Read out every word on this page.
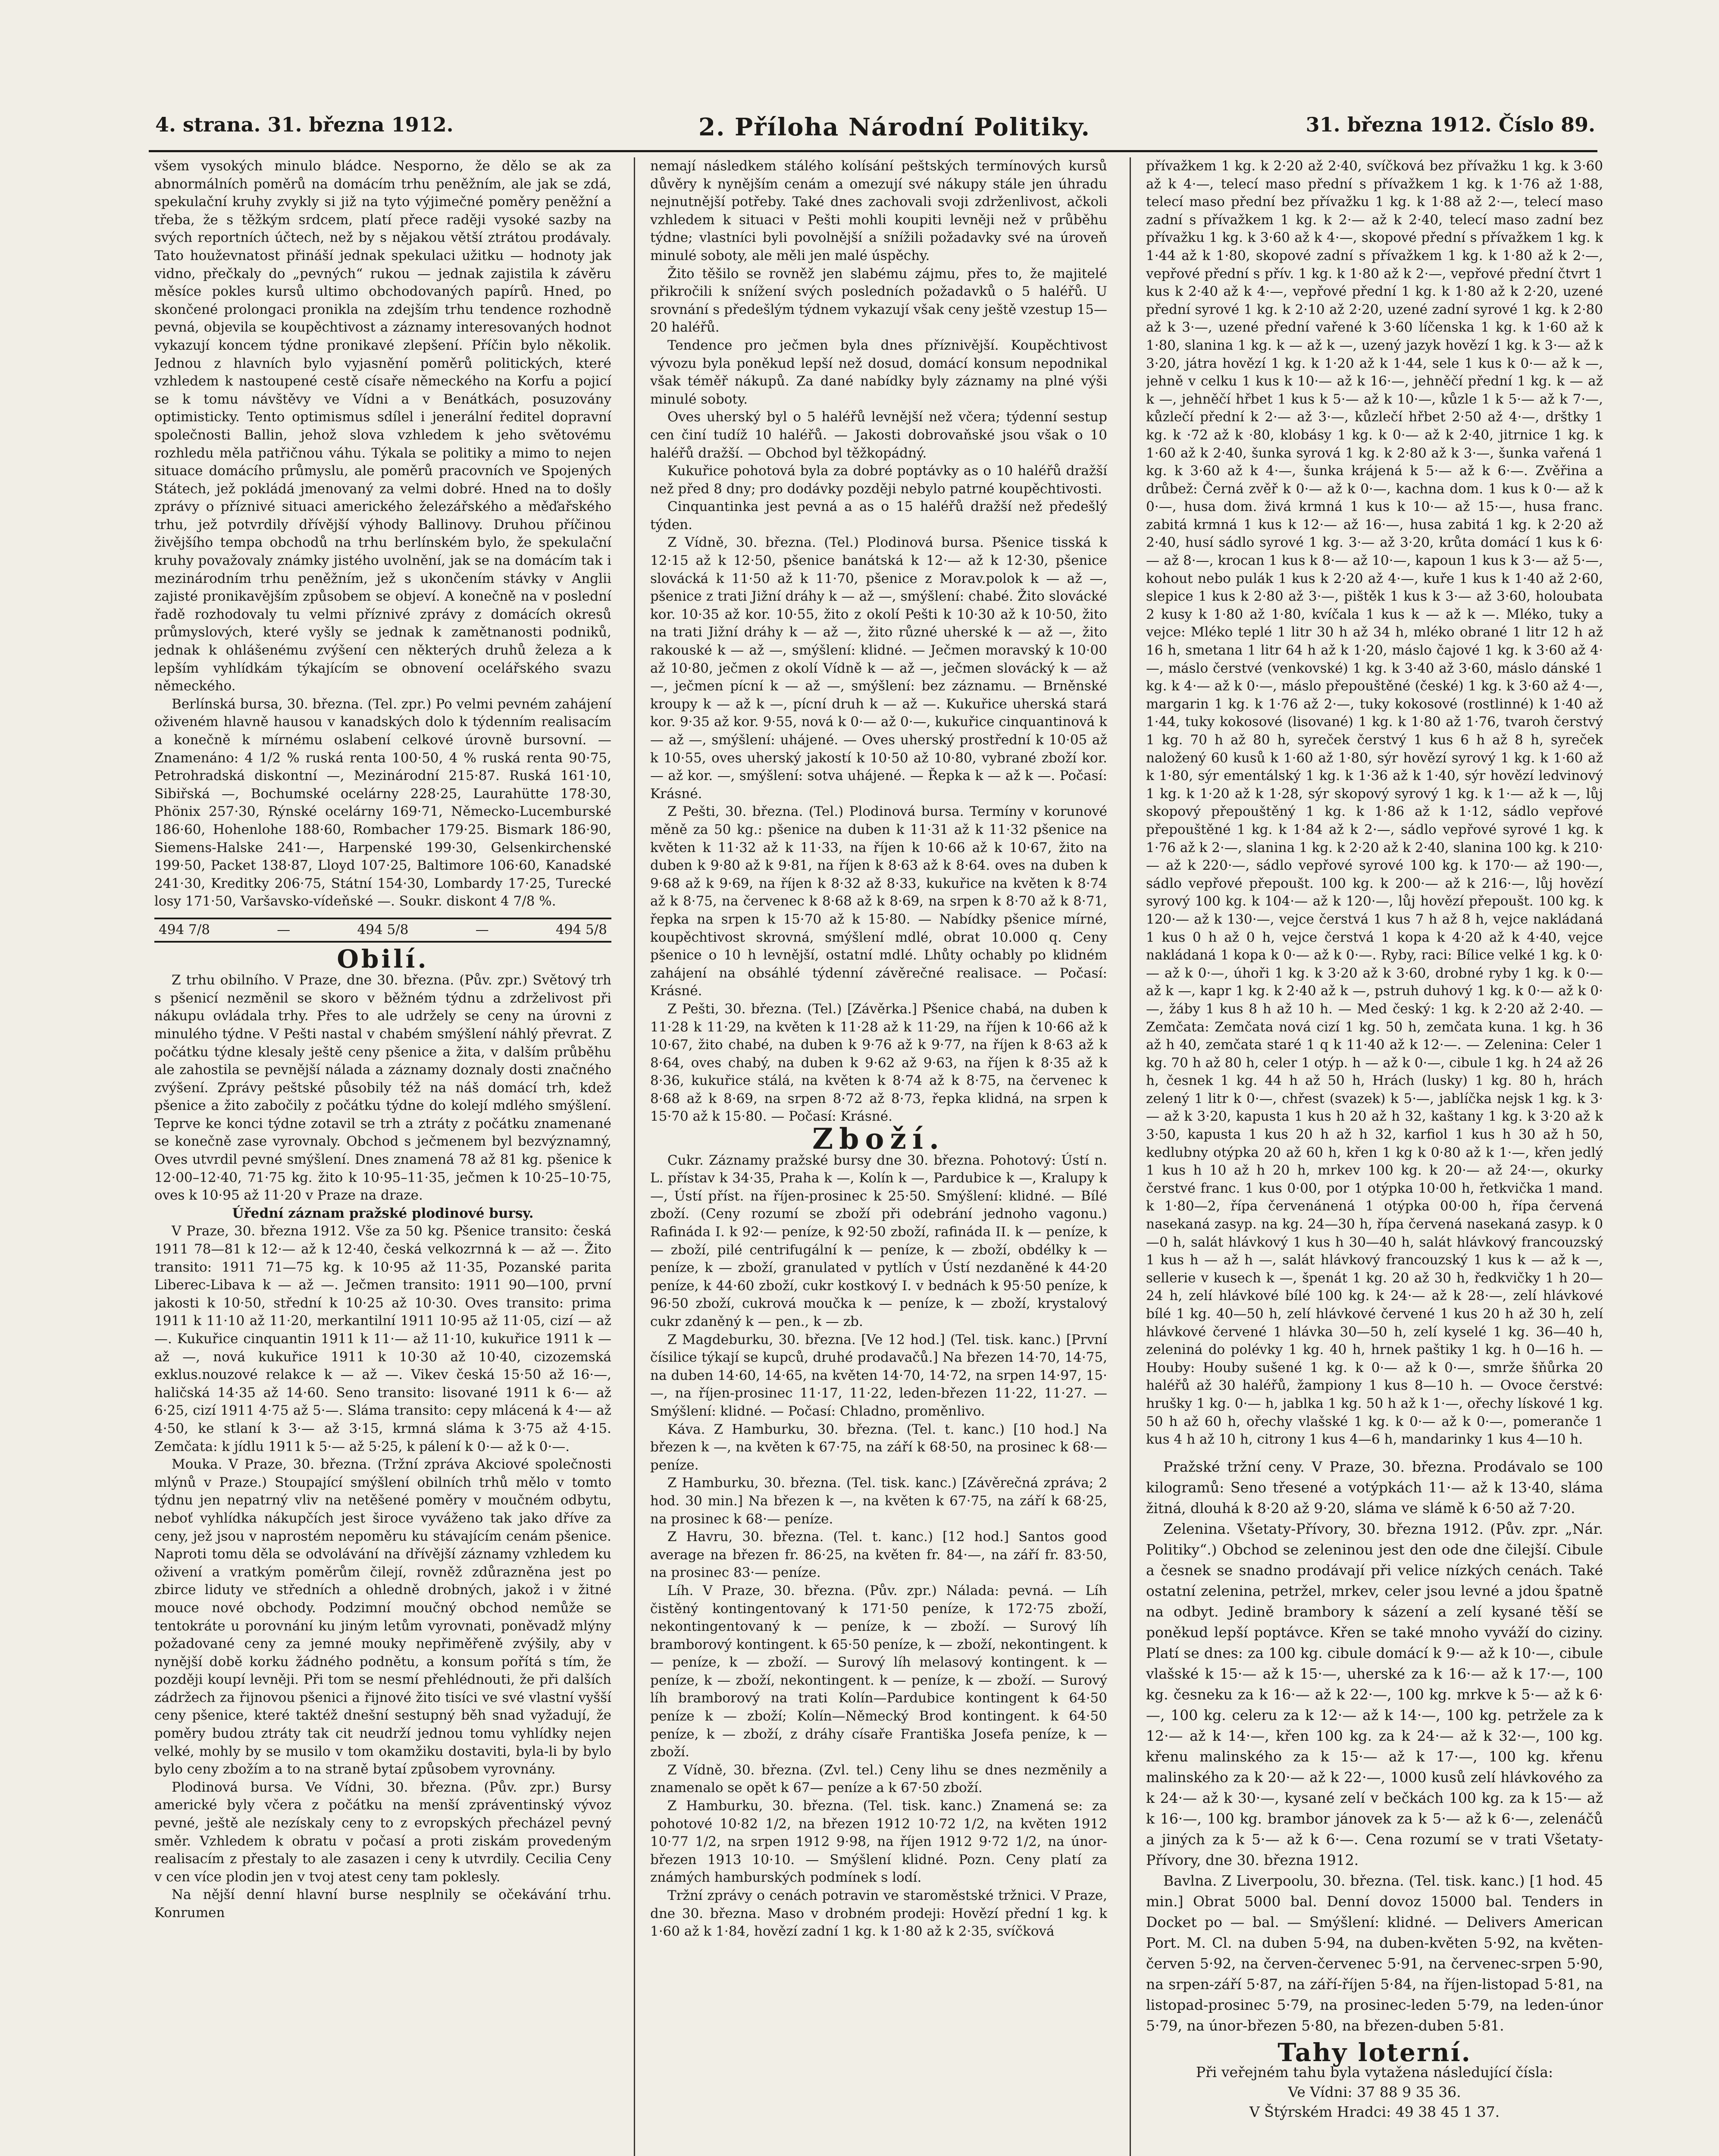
4. strana. 31. března 1912.	2. Příloha Národní Politiky.	31. března 1912. Číslo 89.

všem vysokých minulo bládce. Nesporno, že dělo se ak za abnormálních poměrů na domácím trhu peněžním, ale jak se zdá, spekulační kruhy zvykly si již na tyto výjimečné poměry peněžní a třeba, že s těžkým srdcem, platí přece raději vysoké sazby na svých reportních účtech, než by s nějakou větší ztrátou prodávaly. Tato houževnatost přináší jednak spekulaci užitku — hodnoty jak vidno, přečkaly do „pevných“ rukou — jednak zajistila k závěru měsíce pokles kursů ultimo obchodovaných papírů. Hned, po skončené prolongaci pronikla na zdejším trhu tendence rozhodně pevná, objevila se koupěchtivost a záznamy interesovaných hodnot vykazují koncem týdne pronikavé zlepšení. Příčin bylo několik. Jednou z hlavních bylo vyjasnění poměrů politických, které vzhledem k nastoupené cestě císaře německého na Korfu a pojicí se k tomu návštěvy ve Vídni a v Benátkách, posuzovány optimisticky. Tento optimismus sdílel i jenerální ředitel dopravní společnosti Ballin, jehož slova vzhledem k jeho světovému rozhledu měla patřičnou váhu. Týkala se politiky a mimo to nejen situace domácího průmyslu, ale poměrů pracovních ve Spojených Státech, jež pokládá jmenovaný za velmi dobré. Hned na to došly zprávy o příznivé situaci amerického železářského a měďařského trhu, jež potvrdily dřívější výhody Ballinovy. Druhou příčinou živějšího tempa obchodů na trhu berlínském bylo, že spekulační kruhy považovaly známky jistého uvolnění, jak se na domácím tak i mezinárodním trhu peněžním, jež s ukončením stávky v Anglii zajisté pronikavějším způsobem se objeví. A konečně na v poslední řadě rozhodovaly tu velmi příznivé zprávy z domácích okresů průmyslových, které vyšly se jednak k zamětnanosti podniků, jednak k ohlášenému zvýšení cen některých druhů železa a k lepším vyhlídkám týkajícím se obnovení ocelářského svazu německého.

Berlínská bursa, 30. března. (Tel. zpr.) Po velmi pevném zahájení oživeném hlavně hausou v kanadských dolo k týdenním realisacím a konečně k mírnému oslabení celkové úrovně bursovní. — Znamenáno: 4 1/2 % ruská renta 100·50, 4 % ruská renta 90·75, Petrohradská diskontní —, Mezinárodní 215·87. Ruská 161·10, Sibiřská —, Bochumské ocelárny 228·25, Laurahütte 178·30, Phönix 257·30, Rýnské ocelárny 169·71, Německo-Lucemburské 186·60, Hohenlohe 188·60, Rombacher 179·25. Bismark 186·90, Siemens-Halske 241·—, Harpenské 199·30, Gelsenkirchenské 199·50, Packet 138·87, Lloyd 107·25, Baltimore 106·60, Kanadské 241·30, Kreditky 206·75, Státní 154·30, Lombardy 17·25, Turecké losy 171·50, Varšavsko-vídeňské —. Soukr. diskont 4 7/8 %.

494 7/8	—	494 5/8	—	494 5/8
Obilí.

Z trhu obilního. V Praze, dne 30. března. (Pův. zpr.) Světový trh s pšenicí nezměnil se skoro v běžném týdnu a zdrželivost při nákupu ovládala trhy. Přes to ale udržely se ceny na úrovni z minulého týdne. V Pešti nastal v chabém smýšlení náhlý převrat. Z počátku týdne klesaly ještě ceny pšenice a žita, v dalším průběhu ale zahostila se pevnější nálada a záznamy doznaly dosti značného zvýšení. Zprávy peštské působily též na náš domácí trh, kdež pšenice a žito zabočily z počátku týdne do kolejí mdlého smýšlení. Teprve ke konci týdne zotavil se trh a ztráty z počátku znamenané se konečně zase vyrovnaly. Obchod s ječmenem byl bezvýznamný, Oves utvrdil pevné smýšlení. Dnes znamená 78 až 81 kg. pšenice k 12·00–12·40, 71·75 kg. žito k 10·95–11·35, ječmen k 10·25–10·75, oves k 10·95 až 11·20 v Praze na draze.

Úřední záznam pražské plodinové bursy.

V Praze, 30. března 1912. Vše za 50 kg. Pšenice transito: česká 1911 78—81 k 12·— až k 12·40, česká velkozrnná k — až —. Žito transito: 1911 71—75 kg. k 10·95 až 11·35, Pozanské parita Liberec-Libava k — až —. Ječmen transito: 1911 90—100, první jakosti k 10·50, střední k 10·25 až 10·30. Oves transito: prima 1911 k 11·10 až 11·20, merkantilní 1911 10·95 až 11·05, cizí — až —. Kukuřice cinquantin 1911 k 11·— až 11·10, kukuřice 1911 k — až —, nová kukuřice 1911 k 10·30 až 10·40, cizozemská exklus.nouzové relakce k — až —. Vikev česká 15·50 až 16·—, haličská 14·35 až 14·60. Seno transito: lisované 1911 k 6·— až 6·25, cizí 1911 4·75 až 5·—. Sláma transito: cepy mlácená k 4·— až 4·50, ke stlaní k 3·— až 3·15, krmná sláma k 3·75 až 4·15. Zemčata: k jídlu 1911 k 5·— až 5·25, k pálení k 0·— až k 0·—.

Mouka. V Praze, 30. března. (Tržní zpráva Akciové společnosti mlýnů v Praze.) Stoupající smýšlení obilních trhů mělo v tomto týdnu jen nepatrný vliv na netěšené poměry v moučném odbytu, neboť vyhlídka nákupčích jest široce vyváženo tak jako dříve za ceny, jež jsou v naprostém nepoměru ku stávajícím cenám pšenice. Naproti tomu děla se odvolávání na dřívější záznamy vzhledem ku oživení a vratkým poměrům čilejí, rovněž zdůrazněna jest po zbirce liduty ve středních a ohledně drobných, jakož i v žitné mouce nové obchody. Podzimní moučný obchod nemůže se tentokráte u porovnání ku jiným letům vyrovnati, poněvadž mlýny požadované ceny za jemné mouky nepřiměřeně zvýšily, aby v nynější době korku žádného podnětu, a konsum pořítá s tím, že později koupí levněji. Při tom se nesmí přehlédnouti, že při dalších zádržech za řijnovou pšenici a řijnové žito tisíci ve své vlastní vyšší ceny pšenice, které taktéž dnešní sestupný běh snad vyžadují, že poměry budou ztráty tak cit neudrží jednou tomu vyhlídky nejen velké, mohly by se musilo v tom okamžiku dostaviti, byla-li by bylo bylo ceny zbožím a to na straně bytaí způsobem vyrovnány.

Plodinová bursa. Ve Vídni, 30. března. (Pův. zpr.) Bursy americké byly včera z počátku na menší zpráventinský vývoz pevné, ještě ale nezískaly ceny to z evropských přecházel pevný směr. Vzhledem k obratu v počasí a proti ziskám provedeným realisacím z přestaly to ale zasazen i ceny k utvrdily. Cecilia Ceny v cen více plodin jen v tvoj atest ceny tam poklesly.

Na nější denní hlavní burse nesplnily se očekávání trhu. Konrumen

nemají následkem stálého kolísání peštských termínových kursů důvěry k nynějším cenám a omezují své nákupy stále jen úhradu nejnutnější potřeby. Také dnes zachovali svoji zdrženlivost, ačkoli vzhledem k situaci v Pešti mohli koupiti levněji než v průběhu týdne; vlastníci byli povolnější a snížili požadavky své na úroveň minulé soboty, ale měli jen malé úspěchy.

Žito těšilo se rovněž jen slabému zájmu, přes to, že majitelé přikročili k snížení svých posledních požadavků o 5 haléřů. U srovnání s předešlým týdnem vykazují však ceny ještě vzestup 15—20 haléřů.

Tendence pro ječmen byla dnes příznivější. Koupěchtivost vývozu byla poněkud lepší než dosud, domácí konsum nepodnikal však téměř nákupů. Za dané nabídky byly záznamy na plné výši minulé soboty.

Oves uherský byl o 5 haléřů levnější než včera; týdenní sestup cen činí tudíž 10 haléřů. — Jakosti dobrovaňské jsou však o 10 haléřů dražší. — Obchod byl těžkopádný.

Kukuřice pohotová byla za dobré poptávky as o 10 haléřů dražší než před 8 dny; pro dodávky později nebylo patrné koupěchtivosti.

Cinquantinka jest pevná a as o 15 haléřů dražší než předešlý týden.

Z Vídně, 30. března. (Tel.) Plodinová bursa. Pšenice tisská k 12·15 až k 12·50, pšenice banátská k 12·— až k 12·30, pšenice slovácká k 11·50 až k 11·70, pšenice z Morav.polok k — až —, pšenice z trati Jižní dráhy k — až —, smýšlení: chabé. Žito slovácké kor. 10·35 až kor. 10·55, žito z okolí Pešti k 10·30 až k 10·50, žito na trati Jižní dráhy k — až —, žito různé uherské k — až —, žito rakouské k — až —, smýšlení: klidné. — Ječmen moravský k 10·00 až 10·80, ječmen z okolí Vídně k — až —, ječmen slovácký k — až —, ječmen pícní k — až —, smýšlení: bez záznamu. — Brněnské kroupy k — až k —, pícní druh k — až —. Kukuřice uherská stará kor. 9·35 až kor. 9·55, nová k 0·— až 0·—, kukuřice cinquantinová k — až —, smýšlení: uhájené. — Oves uherský prostřední k 10·05 až k 10·55, oves uherský jakostí k 10·50 až 10·80, vybrané zboží kor. — až kor. —, smýšlení: sotva uhájené. — Řepka k — až k —. Počasí: Krásné.

Z Pešti, 30. března. (Tel.) Plodinová bursa. Termíny v korunové měně za 50 kg.: pšenice na duben k 11·31 až k 11·32 pšenice na květen k 11·32 až k 11·33, na říjen k 10·66 až k 10·67, žito na duben k 9·80 až k 9·81, na říjen k 8·63 až k 8·64. oves na duben k 9·68 až k 9·69, na říjen k 8·32 až 8·33, kukuřice na květen k 8·74 až k 8·75, na červenec k 8·68 až k 8·69, na srpen k 8·70 až k 8·71, řepka na srpen k 15·70 až k 15·80. — Nabídky pšenice mírné, koupěchtivost skrovná, smýšlení mdlé, obrat 10.000 q. Ceny pšenice o 10 h levnější, ostatní mdlé. Lhůty ochably po klidném zahájení na obsáhlé týdenní závěrečné realisace. — Počasí: Krásné.

Z Pešti, 30. března. (Tel.) [Závěrka.] Pšenice chabá, na duben k 11·28 k 11·29, na květen k 11·28 až k 11·29, na říjen k 10·66 až k 10·67, žito chabé, na duben k 9·76 až k 9·77, na říjen k 8·63 až k 8·64, oves chabý, na duben k 9·62 až 9·63, na říjen k 8·35 až k 8·36, kukuřice stálá, na květen k 8·74 až k 8·75, na červenec k 8·68 až k 8·69, na srpen 8·72 až 8·73, řepka klidná, na srpen k 15·70 až k 15·80. — Počasí: Krásné.

Zboží.

Cukr. Záznamy pražské bursy dne 30. března. Pohotový: Ústí n. L. přístav k 34·35, Praha k —, Kolín k —, Pardubice k —, Kralupy k —, Ústí příst. na říjen-prosinec k 25·50. Smýšlení: klidné. — Bílé zboží. (Ceny rozumí se zboží při odebrání jednoho vagonu.) Rafináda I. k 92·— peníze, k 92·50 zboží, rafináda II. k — peníze, k — zboží, pilé centrifugální k — peníze, k — zboží, obdélky k — peníze, k — zboží, granulated v pytlích v Ústí nezdaněné k 44·20 peníze, k 44·60 zboží, cukr kostkový I. v bednách k 95·50 peníze, k 96·50 zboží, cukrová moučka k — peníze, k — zboží, krystalový cukr zdaněný k — pen., k — zb.

Z Magdeburku, 30. března. [Ve 12 hod.] (Tel. tisk. kanc.) [První čísilice týkají se kupců, druhé prodavačů.] Na březen 14·70, 14·75, na duben 14·60, 14·65, na květen 14·70, 14·72, na srpen 14·97, 15·—, na říjen-prosinec 11·17, 11·22, leden-březen 11·22, 11·27. — Smýšlení: klidné. — Počasí: Chladno, proměnlivo.

Káva. Z Hamburku, 30. března. (Tel. t. kanc.) [10 hod.] Na březen k —, na květen k 67·75, na září k 68·50, na prosinec k 68·— peníze.

Z Hamburku, 30. března. (Tel. tisk. kanc.) [Závěrečná zpráva; 2 hod. 30 min.] Na březen k —, na květen k 67·75, na září k 68·25, na prosinec k 68·— peníze.

Z Havru, 30. března. (Tel. t. kanc.) [12 hod.] Santos good average na březen fr. 86·25, na květen fr. 84·—, na září fr. 83·50, na prosinec 83·— peníze.

Líh. V Praze, 30. března. (Pův. zpr.) Nálada: pevná. — Líh čistěný kontingentovaný k 171·50 peníze, k 172·75 zboží, nekontingentovaný k — peníze, k — zboží. — Surový líh bramborový kontingent. k 65·50 peníze, k — zboží, nekontingent. k — peníze, k — zboží. — Surový líh melasový kontingent. k — peníze, k — zboží, nekontingent. k — peníze, k — zboží. — Surový líh bramborový na trati Kolín—Pardubice kontingent k 64·50 peníze k — zboží; Kolín—Německý Brod kontingent. k 64·50 peníze, k — zboží, z dráhy císaře Františka Josefa peníze, k — zboží.

Z Vídně, 30. března. (Zvl. tel.) Ceny lihu se dnes nezměnily a znamenalo se opět k 67— peníze a k 67·50 zboží.

Z Hamburku, 30. března. (Tel. tisk. kanc.) Znamená se: za pohotové 10·82 1/2, na březen 1912 10·72 1/2, na květen 1912 10·77 1/2, na srpen 1912 9·98, na říjen 1912 9·72 1/2, na únor-březen 1913 10·10. — Smýšlení klidné. Pozn. Ceny platí za známých hamburských podmínek s lodí.

Tržní zprávy o cenách potravin ve staroměstské tržnici. V Praze, dne 30. března. Maso v drobném prodeji: Hovězí přední 1 kg. k 1·60 až k 1·84, hovězí zadní 1 kg. k 1·80 až k 2·35, svíčková

přívažkem 1 kg. k 2·20 až 2·40, svíčková bez přívažku 1 kg. k 3·60 až k 4·—, telecí maso přední s přívažkem 1 kg. k 1·76 až 1·88, telecí maso přední bez přívažku 1 kg. k 1·88 až 2·—, telecí maso zadní s přívažkem 1 kg. k 2·— až k 2·40, telecí maso zadní bez přívažku 1 kg. k 3·60 až k 4·—, skopové přední s přívažkem 1 kg. k 1·44 až k 1·80, skopové zadní s přívažkem 1 kg. k 1·80 až k 2·—, vepřové přední s přív. 1 kg. k 1·80 až k 2·—, vepřové přední čtvrt 1 kus k 2·40 až k 4·—, vepřové přední 1 kg. k 1·80 až k 2·20, uzené přední syrové 1 kg. k 2·10 až 2·20, uzené zadní syrové 1 kg. k 2·80 až k 3·—, uzené přední vařené k 3·60 líčenska 1 kg. k 1·60 až k 1·80, slanina 1 kg. k — až k —, uzený jazyk hovězí 1 kg. k 3·— až k 3·20, játra hovězí 1 kg. k 1·20 až k 1·44, sele 1 kus k 0·— až k —, jehně v celku 1 kus k 10·— až k 16·—, jehněčí přední 1 kg. k — až k —, jehněčí hřbet 1 kus k 5·— až k 10·—, kůzle 1 k 5·— až k 7·—, kůzlečí přední k 2·— až 3·—, kůzlečí hřbet 2·50 až 4·—, drštky 1 kg. k ·72 až k ·80, klobásy 1 kg. k 0·— až k 2·40, jitrnice 1 kg. k 1·60 až k 2·40, šunka syrová 1 kg. k 2·80 až k 3·—, šunka vařená 1 kg. k 3·60 až k 4·—, šunka krájená k 5·— až k 6·—. Zvěřina a drůbež: Černá zvěř k 0·— až k 0·—, kachna dom. 1 kus k 0·— až k 0·—, husa dom. živá krmná 1 kus k 10·— až 15·—, husa franc. zabitá krmná 1 kus k 12·— až 16·—, husa zabitá 1 kg. k 2·20 až 2·40, husí sádlo syrové 1 kg. 3·— až 3·20, krůta domácí 1 kus k 6·— až 8·—, krocan 1 kus k 8·— až 10·—, kapoun 1 kus k 3·— až 5·—, kohout nebo pulák 1 kus k 2·20 až 4·—, kuře 1 kus k 1·40 až 2·60, slepice 1 kus k 2·80 až 3·—, pištěk 1 kus k 3·— až 3·60, holoubata 2 kusy k 1·80 až 1·80, kvíčala 1 kus k — až k —. Mléko, tuky a vejce: Mléko teplé 1 litr 30 h až 34 h, mléko obrané 1 litr 12 h až 16 h, smetana 1 litr 64 h až k 1·20, máslo čajové 1 kg. k 3·60 až 4·—, máslo čerstvé (venkovské) 1 kg. k 3·40 až 3·60, máslo dánské 1 kg. k 4·— až k 0·—, máslo přepouštěné (české) 1 kg. k 3·60 až 4·—, margarin 1 kg. k 1·76 až 2·—, tuky kokosové (rostlinné) k 1·40 až 1·44, tuky kokosové (lisované) 1 kg. k 1·80 až 1·76, tvaroh čerstvý 1 kg. 70 h až 80 h, syreček čerstvý 1 kus 6 h až 8 h, syreček naložený 60 kusů k 1·60 až 1·80, sýr hovězí syrový 1 kg. k 1·60 až k 1·80, sýr ementálský 1 kg. k 1·36 až k 1·40, sýr hovězí ledvinový 1 kg. k 1·20 až k 1·28, sýr skopový syrový 1 kg. k 1·— až k —, lůj skopový přepouštěný 1 kg. k 1·86 až k 1·12, sádlo vepřové přepouštěné 1 kg. k 1·84 až k 2·—, sádlo vepřové syrové 1 kg. k 1·76 až k 2·—, slanina 1 kg. k 2·20 až k 2·40, slanina 100 kg. k 210·— až k 220·—, sádlo vepřové syrové 100 kg. k 170·— až 190·—, sádlo vepřové přepoušt. 100 kg. k 200·— až k 216·—, lůj hovězí syrový 100 kg. k 104·— až k 120·—, lůj hovězí přepoušt. 100 kg. k 120·— až k 130·—, vejce čerstvá 1 kus 7 h až 8 h, vejce nakládaná 1 kus 0 h až 0 h, vejce čerstvá 1 kopa k 4·20 až k 4·40, vejce nakládaná 1 kopa k 0·— až k 0·—. Ryby, raci: Bílice velké 1 kg. k 0·— až k 0·—, úhoři 1 kg. k 3·20 až k 3·60, drobné ryby 1 kg. k 0·— až k —, kapr 1 kg. k 2·40 až k —, pstruh duhový 1 kg. k 0·— až k 0·—, žáby 1 kus 8 h až 10 h. — Med český: 1 kg. k 2·20 až 2·40. — Zemčata: Zemčata nová cizí 1 kg. 50 h, zemčata kuna. 1 kg. h 36 až h 40, zemčata staré 1 q k 11·40 až k 12·—. — Zelenina: Celer 1 kg. 70 h až 80 h, celer 1 otýp. h — až k 0·—, cibule 1 kg. h 24 až 26 h, česnek 1 kg. 44 h až 50 h, Hrách (lusky) 1 kg. 80 h, hrách zelený 1 litr k 0·—, chřest (svazek) k 5·—, jablíčka nejsk 1 kg. k 3·— až k 3·20, kapusta 1 kus h 20 až h 32, kaštany 1 kg. k 3·20 až k 3·50, kapusta 1 kus 20 h až h 32, karfiol 1 kus h 30 až h 50, kedlubny otýpka 20 až 60 h, křen 1 kg k 0·80 až k 1·—, křen jedlý 1 kus h 10 až h 20 h, mrkev 100 kg. k 20·— až 24·—, okurky čerstvé franc. 1 kus 0·00, por 1 otýpka 10·00 h, řetkvička 1 mand. k 1·80—2, řípa červenánená 1 otýpka 00·00 h, řípa červená nasekaná zasyp. na kg. 24—30 h, řípa červená nasekaná zasyp. k 0—0 h, salát hlávkový 1 kus h 30—40 h, salát hlávkový francouzský 1 kus h — až h —, salát hlávkový francouzský 1 kus k — až k —, sellerie v kusech k —, špenát 1 kg. 20 až 30 h, ředkvičky 1 h 20—24 h, zelí hlávkové bílé 100 kg. k 24·— až k 28·—, zelí hlávkové bílé 1 kg. 40—50 h, zelí hlávkové červené 1 kus 20 h až 30 h, zelí hlávkové červené 1 hlávka 30—50 h, zelí kyselé 1 kg. 36—40 h, zeleniná do polévky 1 kg. 40 h, hrnek paštiky 1 kg. h 0—16 h. — Houby: Houby sušené 1 kg. k 0·— až k 0·—, smrže šňůrka 20 haléřů až 30 haléřů, žampiony 1 kus 8—10 h. — Ovoce čerstvé: hrušky 1 kg. 0·— h, jablka 1 kg. 50 h až k 1·—, ořechy lískové 1 kg. 50 h až 60 h, ořechy vlašské 1 kg. k 0·— až k 0·—, pomeranče 1 kus 4 h až 10 h, citrony 1 kus 4—6 h, mandarinky 1 kus 4—10 h.

Pražské tržní ceny. V Praze, 30. března. Prodávalo se 100 kilogramů: Seno třesené a votýpkách 11·— až k 13·40, sláma žitná, dlouhá k 8·20 až 9·20, sláma ve slámě k 6·50 až 7·20.

Zelenina. Všetaty-Přívory, 30. března 1912. (Pův. zpr. „Nár. Politiky“.) Obchod se zeleninou jest den ode dne čilejší. Cibule a česnek se snadno prodávají při velice nízkých cenách. Také ostatní zelenina, petržel, mrkev, celer jsou levné a jdou špatně na odbyt. Jedině brambory k sázení a zelí kysané těší se poněkud lepší poptávce. Křen se také mnoho vyváží do ciziny. Platí se dnes: za 100 kg. cibule domácí k 9·— až k 10·—, cibule vlašské k 15·— až k 15·—, uherské za k 16·— až k 17·—, 100 kg. česneku za k 16·— až k 22·—, 100 kg. mrkve k 5·— až k 6·—, 100 kg. celeru za k 12·— až k 14·—, 100 kg. petržele za k 12·— až k 14·—, křen 100 kg. za k 24·— až k 32·—, 100 kg. křenu malinského za k 15·— až k 17·—, 100 kg. křenu malinského za k 20·— až k 22·—, 1000 kusů zelí hlávkového za k 24·— až k 30·—, kysané zelí v bečkách 100 kg. za k 15·— až k 16·—, 100 kg. brambor jánovek za k 5·— až k 6·—, zelenáčů a jiných za k 5·— až k 6·—. Cena rozumí se v trati Všetaty-Přívory, dne 30. března 1912.

Bavlna. Z Liverpoolu, 30. března. (Tel. tisk. kanc.) [1 hod. 45 min.] Obrat 5000 bal. Denní dovoz 15000 bal. Tenders in Docket po — bal. — Smýšlení: klidné. — Delivers American Port. M. Cl. na duben 5·94, na duben-květen 5·92, na květen-červen 5·92, na červen-červenec 5·91, na červenec-srpen 5·90, na srpen-září 5·87, na září-říjen 5·84, na říjen-listopad 5·81, na listopad-prosinec 5·79, na prosinec-leden 5·79, na leden-únor 5·79, na únor-březen 5·80, na březen-duben 5·81.

Tahy loterní.

Při veřejném tahu byla vytažena následující čísla:

Ve Vídni: 37 88 9 35 36.

V Štýrském Hradci: 49 38 45 1 37.
